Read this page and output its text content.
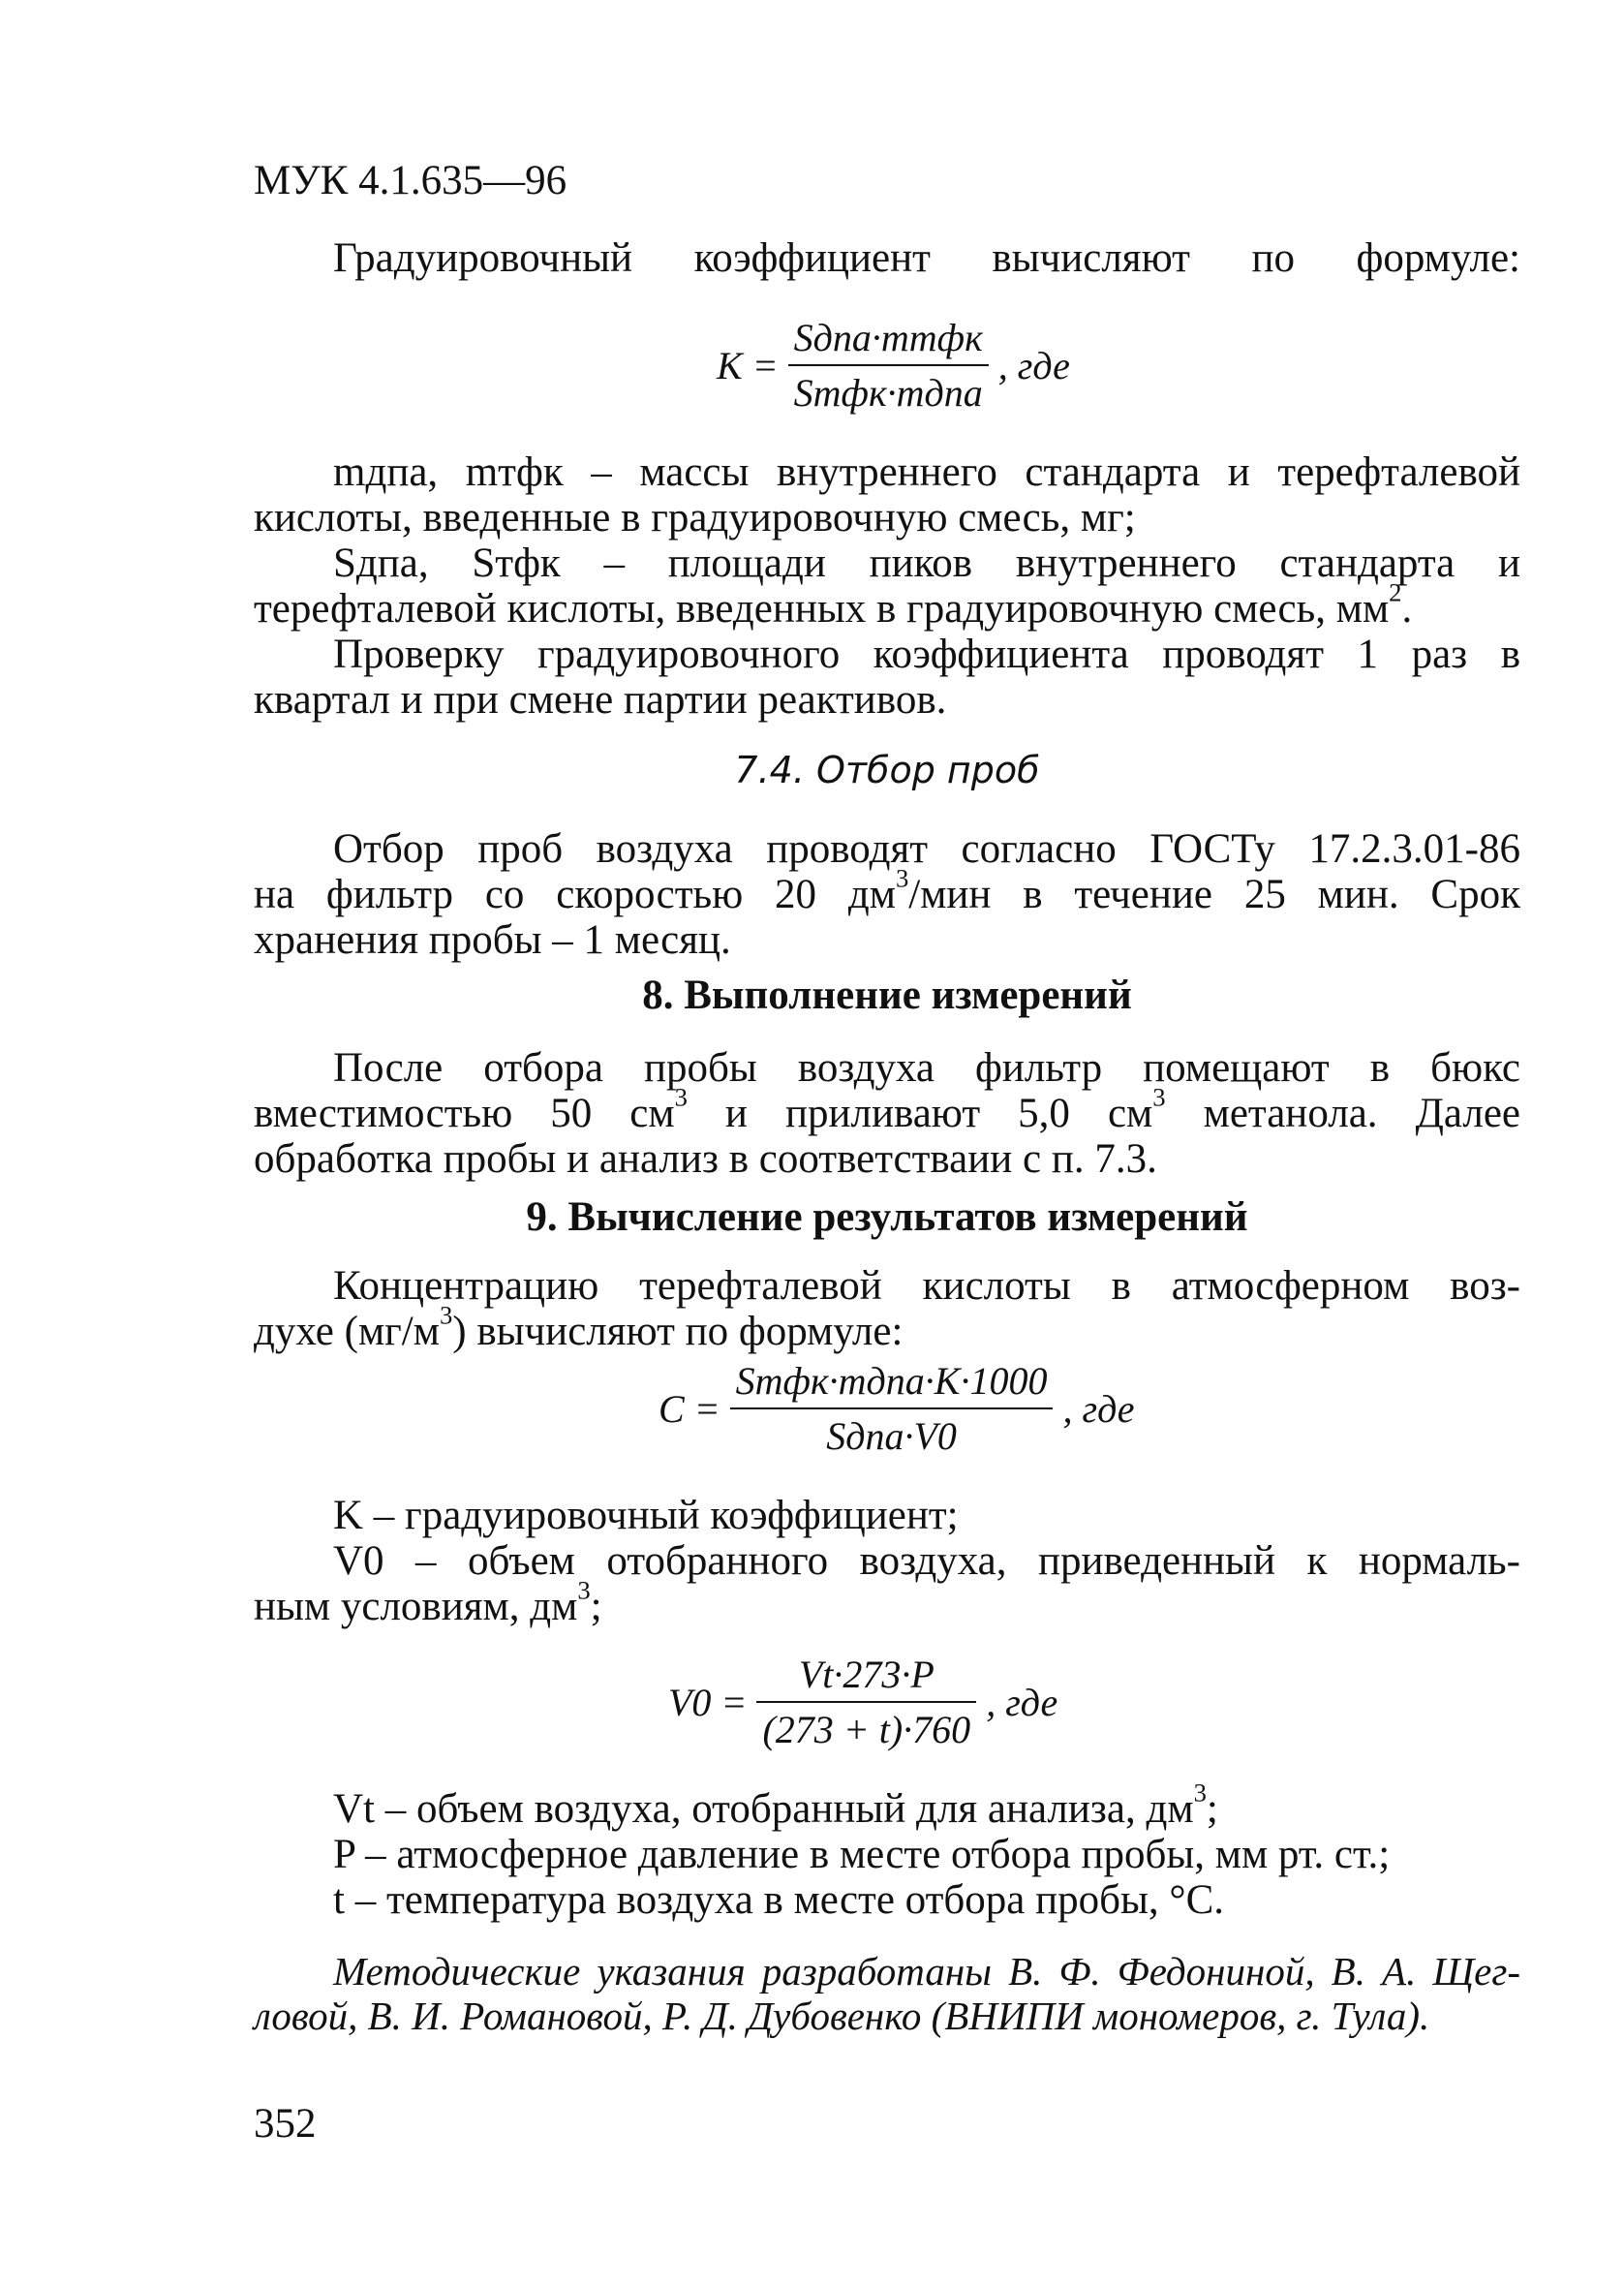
МУК 4.1.635—96
Градуировочный коэффициент вычисляют по формуле:
$K = \frac{\text{Sдпа·mтфк}}{\text{Sтфк·mдпа}}$ , где
mдпа, mтфк – массы внутреннего стандарта и терефталевой
кислоты, введенные в градуировочную смесь, мг;
Sдпа, Sтфк – площади пиков внутреннего стандарта и
терефталевой кислоты, введенных в градуировочную смесь, $мм^2$.
Проверку градуировочного коэффициента проводят 1 раз в
квартал и при смене партии реактивов.
7.4. Отбор проб
Отбор проб воздуха проводят согласно ГОСТу 17.2.3.01-86
на фильтр со скоростью 20 $дм^3$/мин в течение 25 мин. Срок
хранения пробы – 1 месяц.
8. Выполнение измерений
После отбора пробы воздуха фильтр помещают в бюкс
вместимостью 50 $см^3$ и приливают 5,0 $см^3$ метанола. Далее
обработка пробы и анализ в соответстваии с п. 7.3.
9. Вычисление результатов измерений
Концентрацию терефталевой кислоты в атмосферном воз-
духе $(мг/м^3)$ вычисляют по формуле:
$C = \frac{\text{Sтфк·mдпа·K·1000}}{\text{Sдпа·V0}}$ , где
K – градуировочный коэффициент;
V0 – объем отобранного воздуха, приведенный к нормаль-
ным условиям, $дм^3$;
$V0 = \frac{Vt\cdot 273\cdot P}{(273 + t)\cdot 760}$ , где
Vt – объем воздуха, отобранный для анализа, $дм^3$;
P – атмосферное давление в месте отбора пробы, мм рт. ст.;
t – температура воздуха в месте отбора пробы, °C.
Методические указания разработаны В. Ф. Федониной, В. А. Щег-
ловой, В. И. Романовой, Р. Д. Дубовенко (ВНИПИ мономеров, г. Тула).
352
